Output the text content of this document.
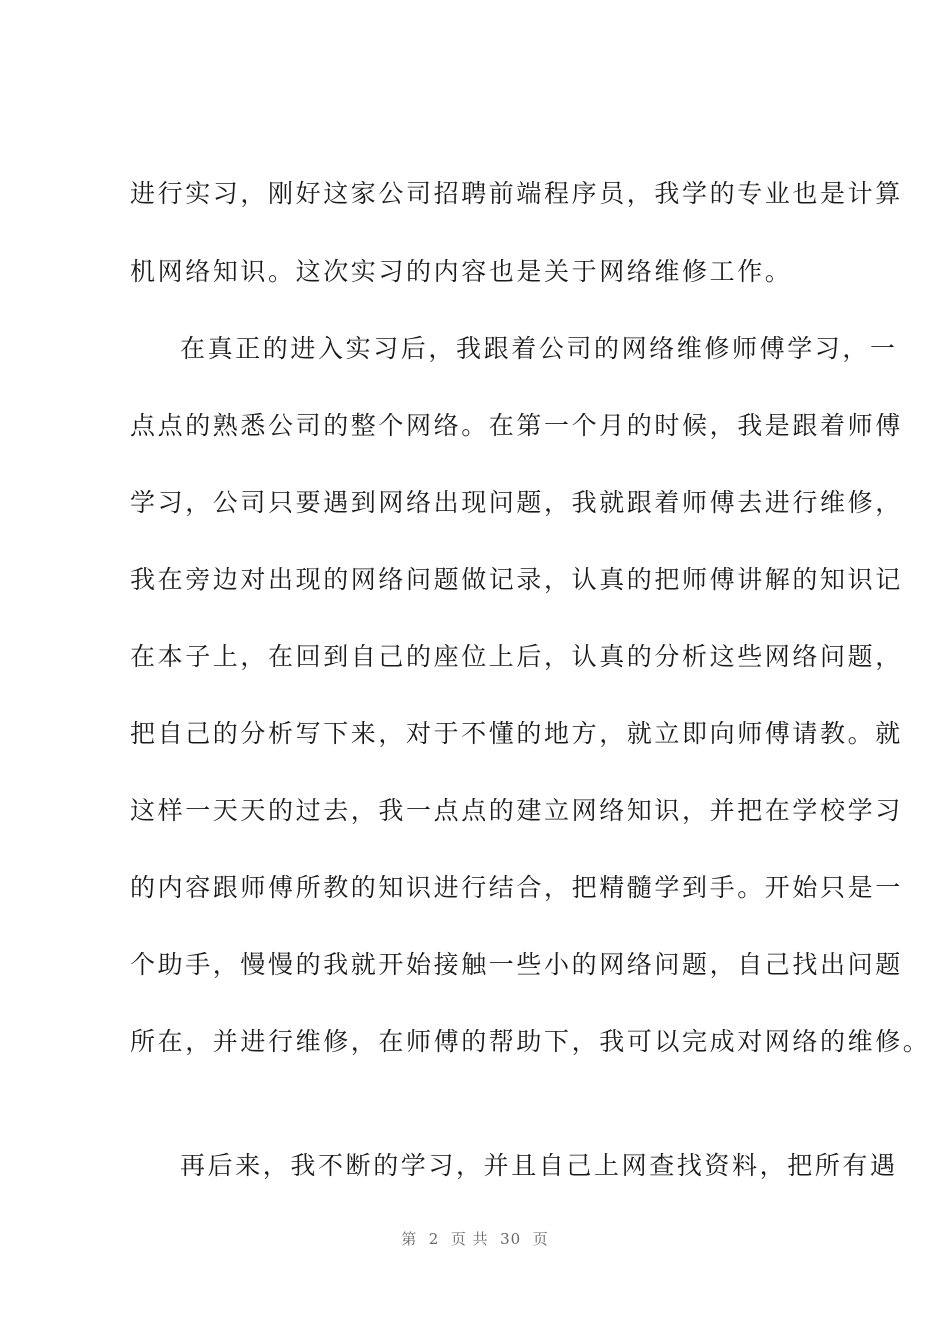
进行实习，刚好这家公司招聘前端程序员，我学的专业也是计算
机网络知识。这次实习的内容也是关于网络维修工作。
在真正的进入实习后，我跟着公司的网络维修师傅学习，一
点点的熟悉公司的整个网络。在第一个月的时候，我是跟着师傅
学习，公司只要遇到网络出现问题，我就跟着师傅去进行维修，
我在旁边对出现的网络问题做记录，认真的把师傅讲解的知识记
在本子上，在回到自己的座位上后，认真的分析这些网络问题，
把自己的分析写下来，对于不懂的地方，就立即向师傅请教。就
这样一天天的过去，我一点点的建立网络知识，并把在学校学习
的内容跟师傅所教的知识进行结合，把精髓学到手。开始只是一
个助手，慢慢的我就开始接触一些小的网络问题，自己找出问题
所在，并进行维修，在师傅的帮助下，我可以完成对网络的维修。
再后来，我不断的学习，并且自己上网查找资料，把所有遇
第  2  页 共  30  页
